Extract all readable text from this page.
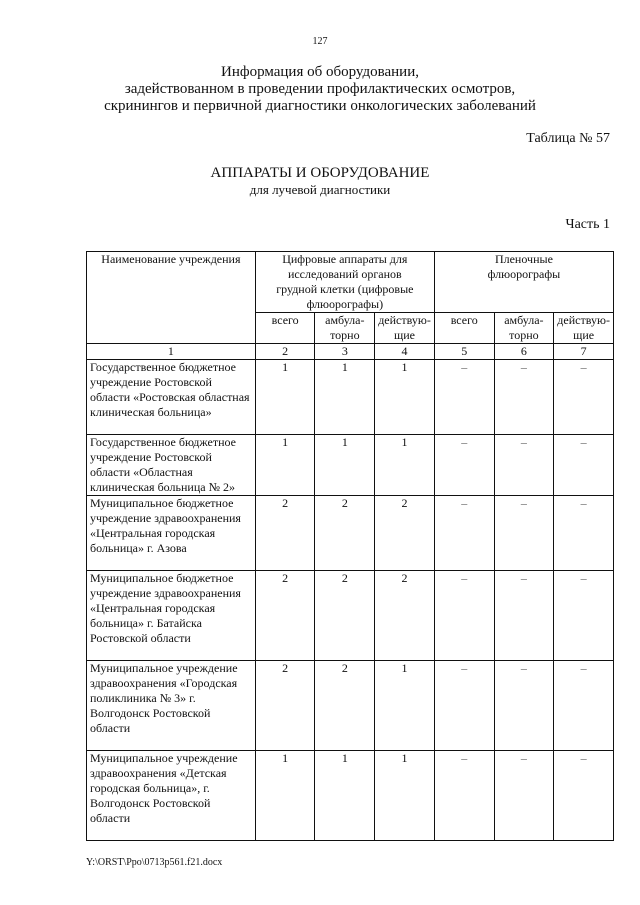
127
Информация об оборудовании,
задействованном в проведении профилактических осмотров,
скринингов и первичной диагностики онкологических заболеваний
Таблица № 57
АППАРАТЫ И ОБОРУДОВАНИЕ
для лучевой диагностики
Часть 1
Наименование учреждения	Цифровые аппараты для исследований органов грудной клетки (цифровые флюорографы)			Пленочные флюорографы		
	всего	амбула-торно	действую-щие	всего	амбула-торно	действую-щие
1	2	3	4	5	6	7
Государственное бюджетное учреждение Ростовской области «Ростовская областная клиническая больница»	1	1	1	–	–	–
Государственное бюджетное учреждение Ростовской области «Областная клиническая больница № 2»	1	1	1	–	–	–
Муниципальное бюджетное учреждение здравоохранения «Центральная городская больница» г. Азова	2	2	2	–	–	–
Муниципальное бюджетное учреждение здравоохранения «Центральная городская больница» г. Батайска Ростовской области	2	2	2	–	–	–
Муниципальное учреждение здравоохранения «Городская поликлиника № 3» г. Волгодонск Ростовской области	2	2	1	–	–	–
Муниципальное учреждение здравоохранения «Детская городская больница», г. Волгодонск Ростовской области	1	1	1	–	–	–
Y:\ORST\Ppo\0713p561.f21.docx
